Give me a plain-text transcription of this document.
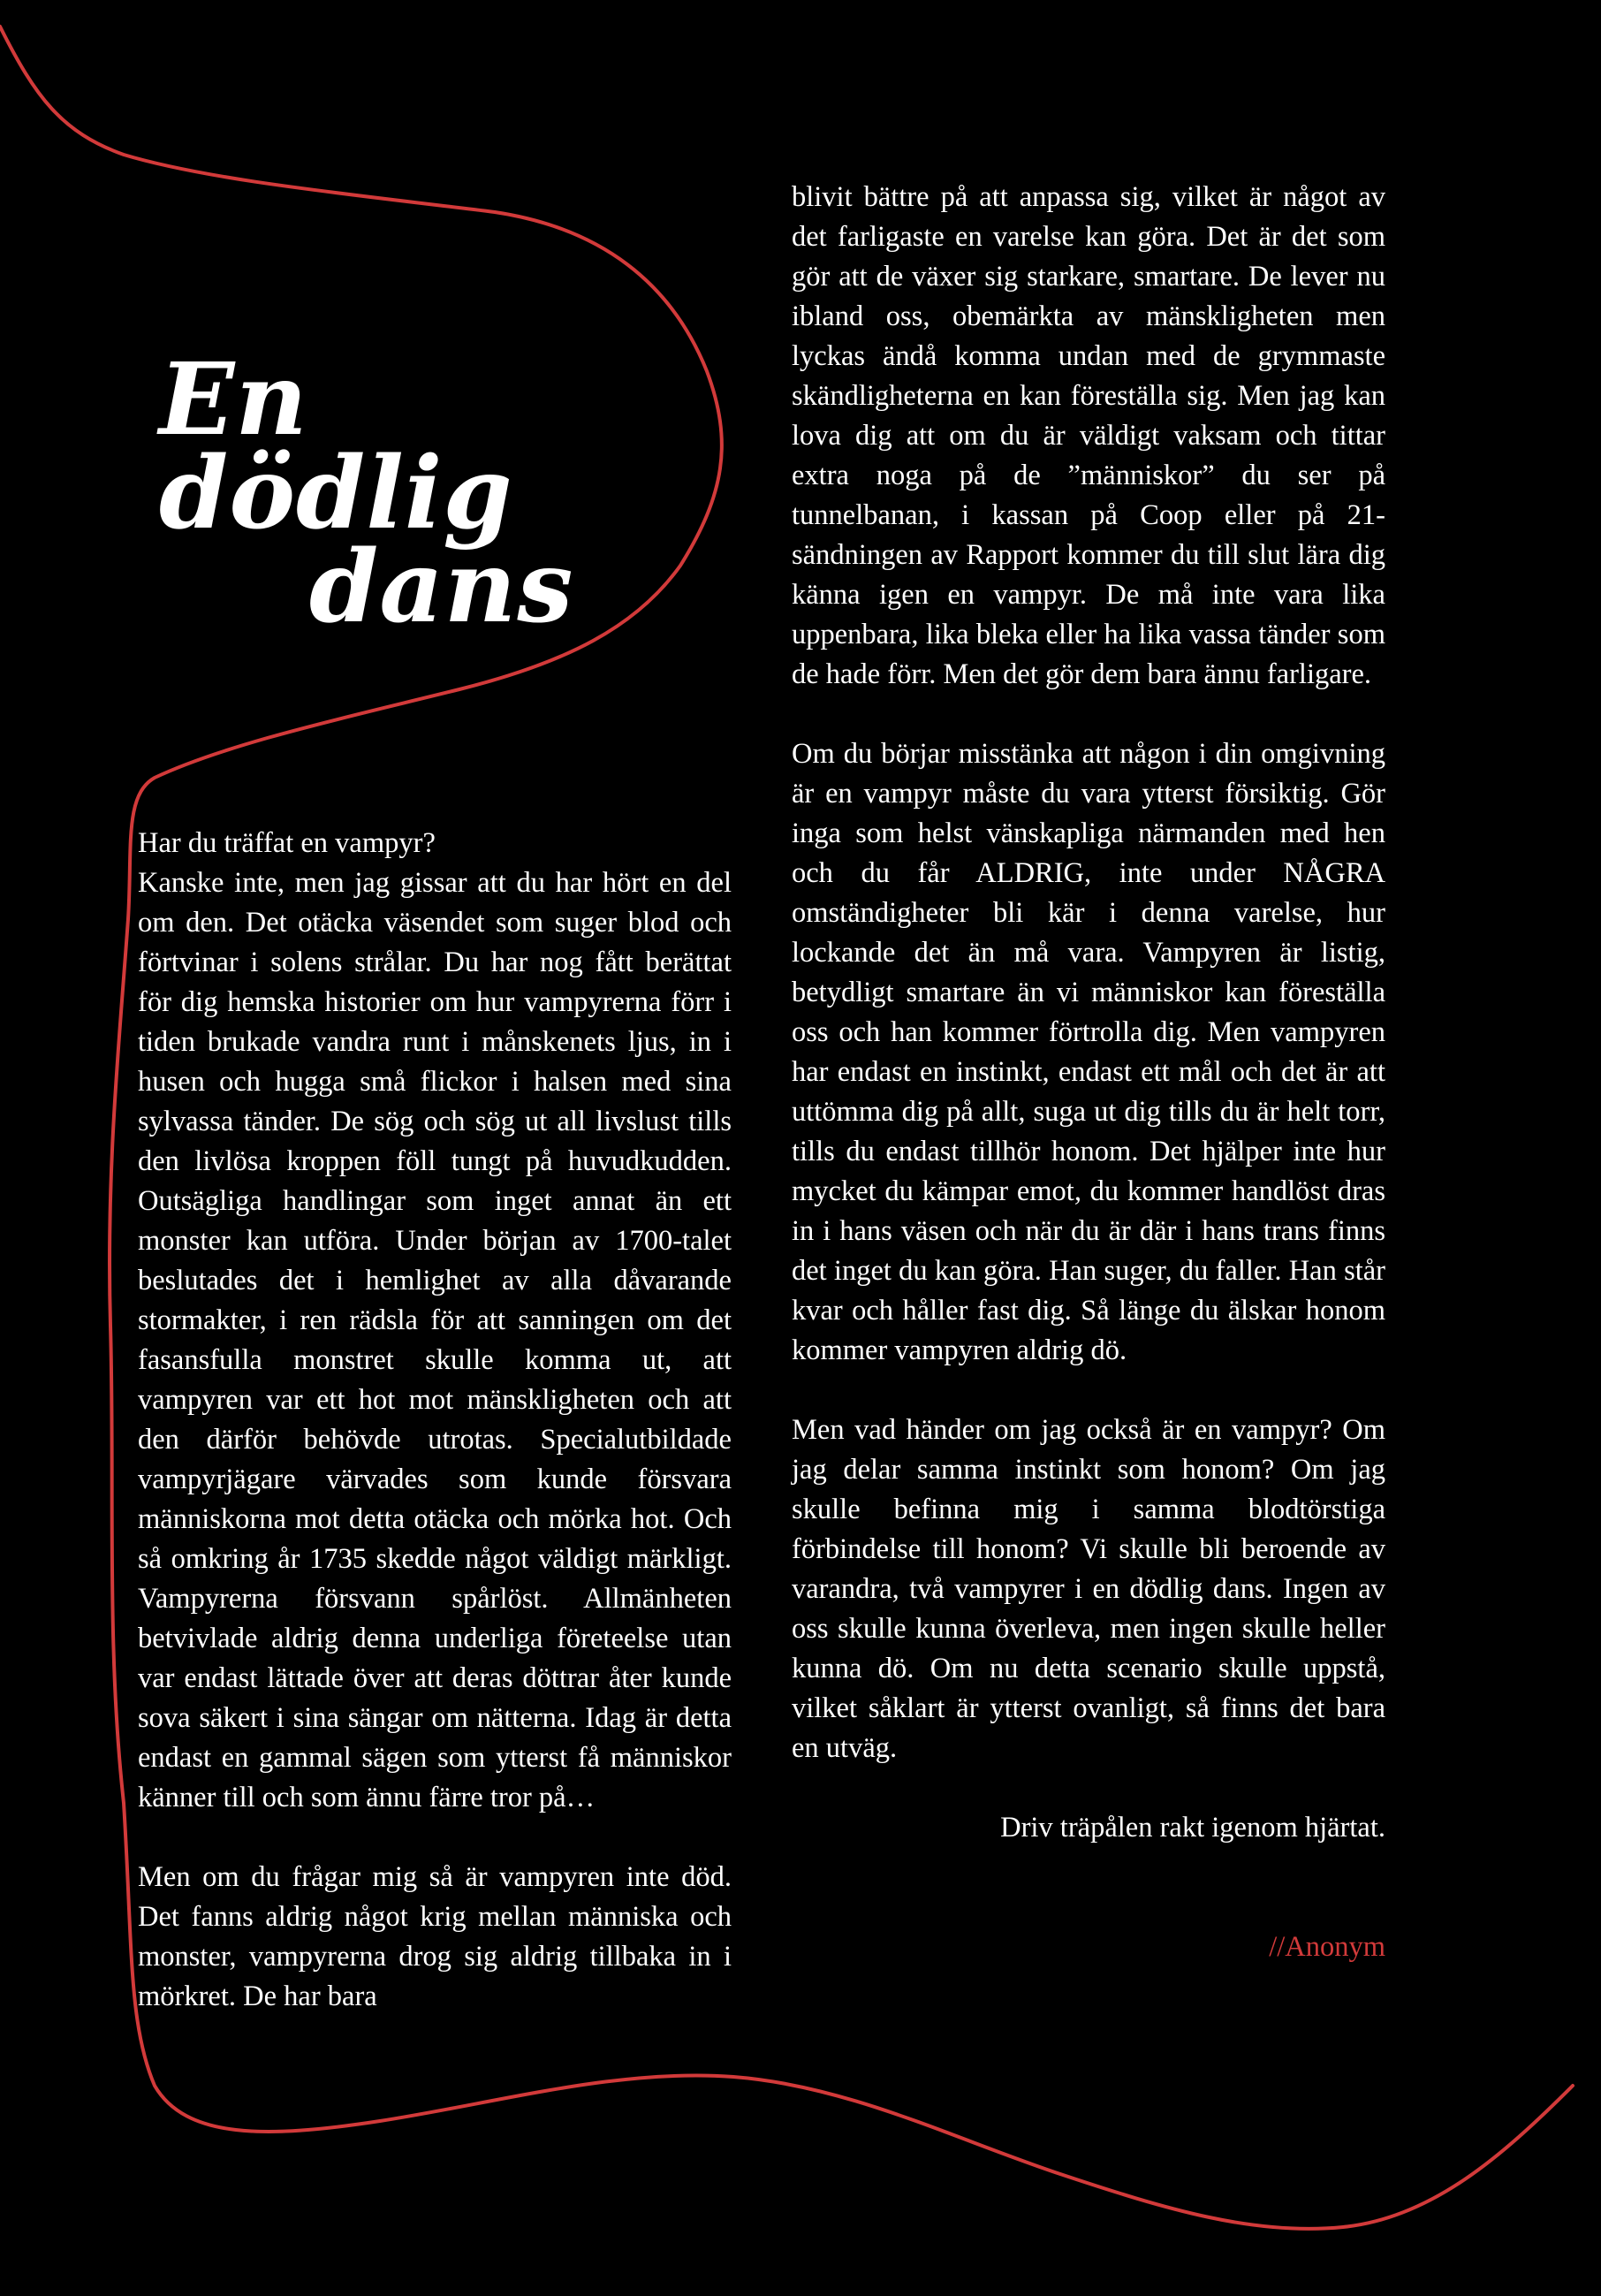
En dödlig
dans

Har du träffat en vampyr?

Kanske inte, men jag gissar att du har hört en del om den. Det otäcka väsendet som suger blod och förtvinar i solens strålar. Du har nog fått berättat för dig hemska historier om hur vampyrerna förr i tiden brukade vandra runt i månskenets ljus, in i husen och hugga små flickor i halsen med sina sylvassa tänder. De sög och sög ut all livslust tills den livlösa kroppen föll tungt på huvudkudden. Outsägliga handlingar som inget annat än ett monster kan utföra. Under början av 1700-talet beslutades det i hemlighet av alla dåvarande stormakter, i ren rädsla för att sanningen om det fasansfulla monstret skulle komma ut, att vampyren var ett hot mot mänskligheten och att den därför behövde utrotas. Specialutbildade vampyrjägare värvades som kunde försvara människorna mot detta otäcka och mörka hot. Och så omkring år 1735 skedde något väldigt märkligt. Vampyrerna försvann spårlöst. Allmänheten betvivlade aldrig denna underliga företeelse utan var endast lättade över att deras döttrar åter kunde sova säkert i sina sängar om nätterna. Idag är detta endast en gammal sägen som ytterst få människor känner till och som ännu färre tror på…

Men om du frågar mig så är vampyren inte död. Det fanns aldrig något krig mellan människa och monster, vampyrerna drog sig aldrig tillbaka in i mörkret. De har bara

blivit bättre på att anpassa sig, vilket är något av det farligaste en varelse kan göra. Det är det som gör att de växer sig starkare, smartare. De lever nu ibland oss, obemärkta av mänskligheten men lyckas ändå komma undan med de grymmaste skändligheterna en kan föreställa sig. Men jag kan lova dig att om du är väldigt vaksam och tittar extra noga på de ”människor” du ser på tunnelbanan, i kassan på Coop eller på 21-sändningen av Rapport kommer du till slut lära dig känna igen en vampyr. De må inte vara lika uppenbara, lika bleka eller ha lika vassa tänder som de hade förr. Men det gör dem bara ännu farligare.

Om du börjar misstänka att någon i din omgivning är en vampyr måste du vara ytterst försiktig. Gör inga som helst vänskapliga närmanden med hen och du får ALDRIG, inte under NÅGRA omständigheter bli kär i denna varelse, hur lockande det än må vara. Vampyren är listig, betydligt smartare än vi människor kan föreställa oss och han kommer förtrolla dig. Men vampyren har endast en instinkt, endast ett mål och det är att uttömma dig på allt, suga ut dig tills du är helt torr, tills du endast tillhör honom. Det hjälper inte hur mycket du kämpar emot, du kommer handlöst dras in i hans väsen och när du är där i hans trans finns det inget du kan göra. Han suger, du faller. Han står kvar och håller fast dig. Så länge du älskar honom kommer vampyren aldrig dö.

Men vad händer om jag också är en vampyr? Om jag delar samma instinkt som honom? Om jag skulle befinna mig i samma blodtörstiga förbindelse till honom? Vi skulle bli beroende av varandra, två vampyrer i en dödlig dans. Ingen av oss skulle kunna överleva, men ingen skulle heller kunna dö. Om nu detta scenario skulle uppstå, vilket såklart är ytterst ovanligt, så finns det bara en utväg.

Driv träpålen rakt igenom hjärtat.

//Anonym
